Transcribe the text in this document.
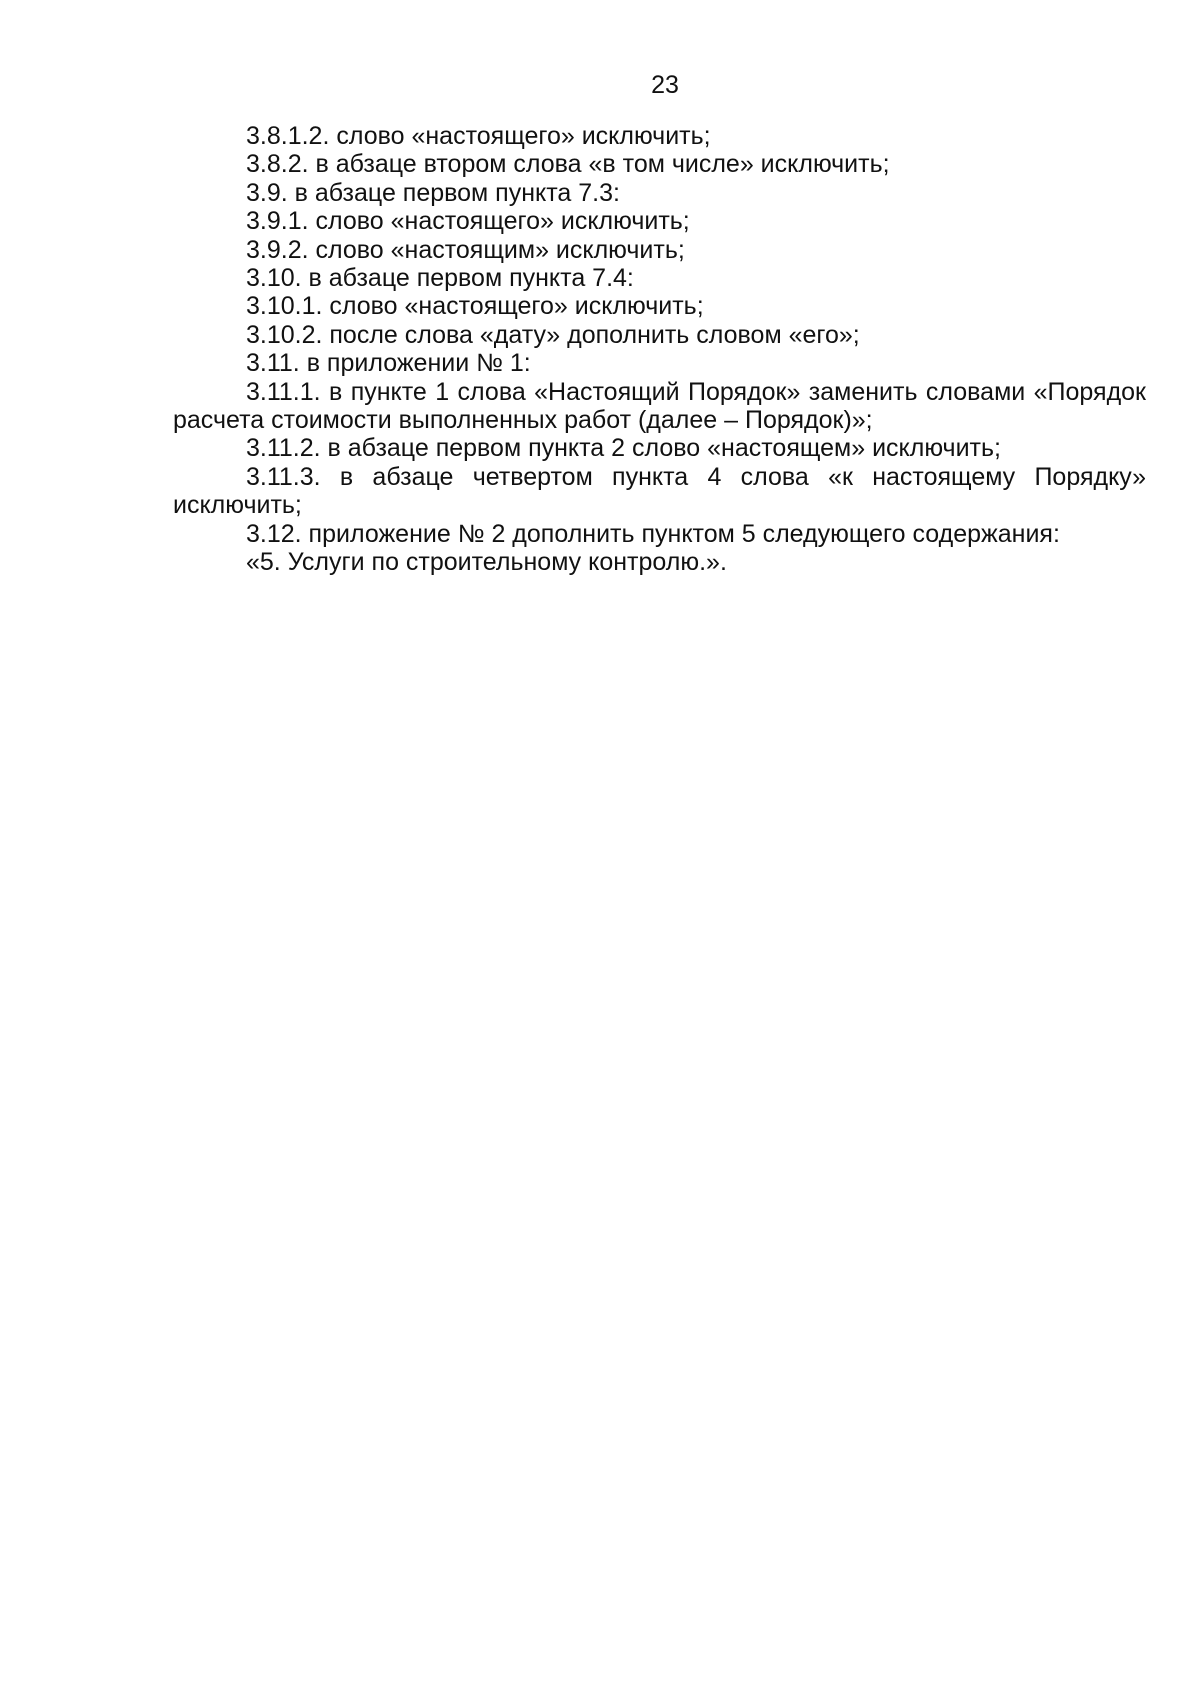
23

3.8.1.2. слово «настоящего» исключить;

3.8.2. в абзаце втором слова «в том числе» исключить;

3.9. в абзаце первом пункта 7.3:

3.9.1. слово «настоящего» исключить;

3.9.2. слово «настоящим» исключить;

3.10. в абзаце первом пункта 7.4:

3.10.1. слово «настоящего» исключить;

3.10.2. после слова «дату» дополнить словом «его»;

3.11. в приложении № 1:

3.11.1. в пункте 1 слова «Настоящий Порядок» заменить словами «Порядок расчета стоимости выполненных работ (далее – Порядок)»;

3.11.2. в абзаце первом пункта 2 слово «настоящем» исключить;

3.11.3. в абзаце четвертом пункта 4 слова «к настоящему Порядку» исключить;

3.12. приложение № 2 дополнить пунктом 5 следующего содержания:

«5. Услуги по строительному контролю.».
